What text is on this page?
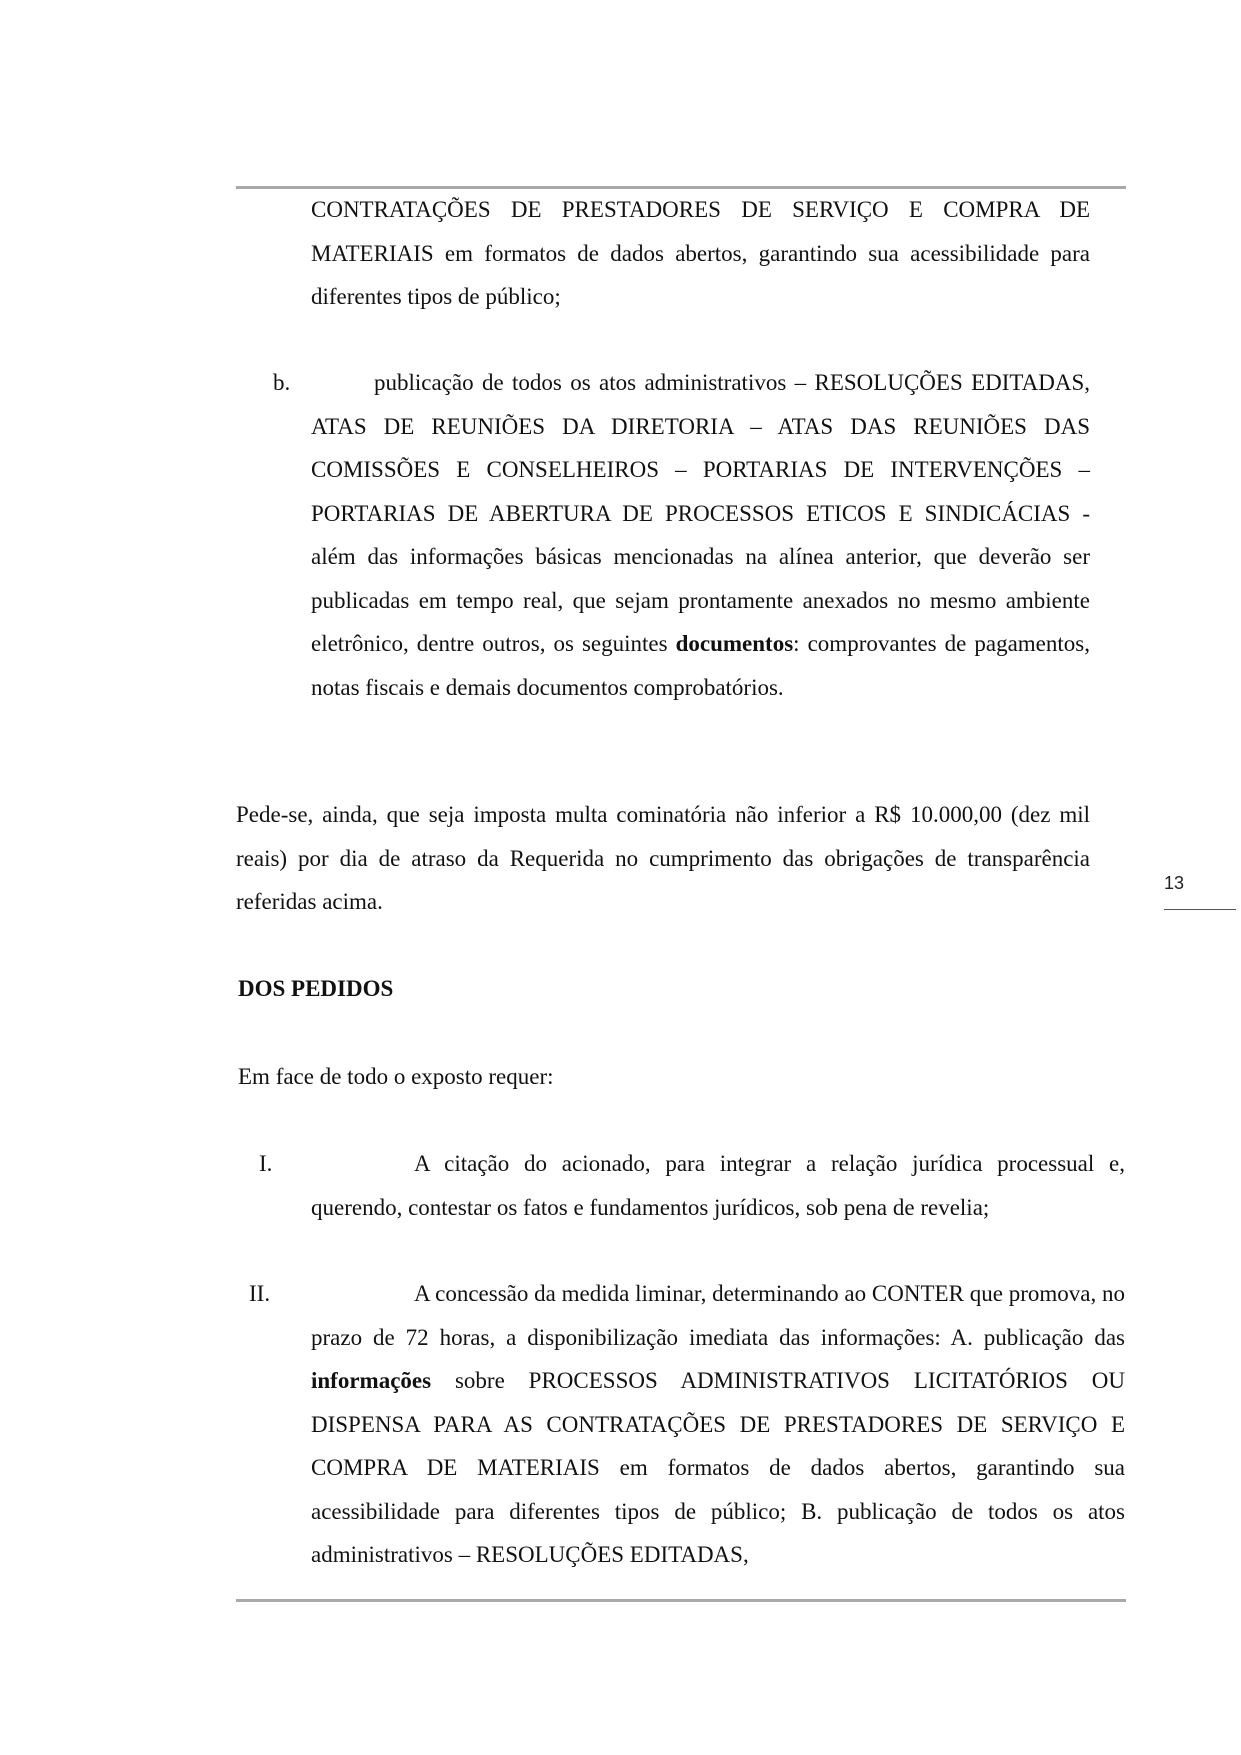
CONTRATAÇÕES DE PRESTADORES DE SERVIÇO E COMPRA DE MATERIAIS em formatos de dados abertos, garantindo sua acessibilidade para diferentes tipos de público;

b.	publicação de todos os atos administrativos – RESOLUÇÕES EDITADAS, ATAS DE REUNIÕES DA DIRETORIA – ATAS DAS REUNIÕES DAS COMISSÕES E CONSELHEIROS – PORTARIAS DE INTERVENÇÕES – PORTARIAS DE ABERTURA DE PROCESSOS ETICOS E SINDICÁCIAS - além das informações básicas mencionadas na alínea anterior, que deverão ser publicadas em tempo real, que sejam prontamente anexados no mesmo ambiente eletrônico, dentre outros, os seguintes documentos: comprovantes de pagamentos, notas fiscais e demais documentos comprobatórios.

Pede-se, ainda, que seja imposta multa cominatória não inferior a R$ 10.000,00 (dez mil reais) por dia de atraso da Requerida no cumprimento das obrigações de transparência referidas acima.

13
DOS PEDIDOS
Em face de todo o exposto requer:
I.	A citação do acionado, para integrar a relação jurídica processual e, querendo, contestar os fatos e fundamentos jurídicos, sob pena de revelia;

II.	A concessão da medida liminar, determinando ao CONTER que promova, no prazo de 72 horas, a disponibilização imediata das informações: A. publicação das informações sobre PROCESSOS ADMINISTRATIVOS LICITATÓRIOS OU DISPENSA PARA AS CONTRATAÇÕES DE PRESTADORES DE SERVIÇO E COMPRA DE MATERIAIS em formatos de dados abertos, garantindo sua acessibilidade para diferentes tipos de público; B. publicação de todos os atos administrativos – RESOLUÇÕES EDITADAS,
